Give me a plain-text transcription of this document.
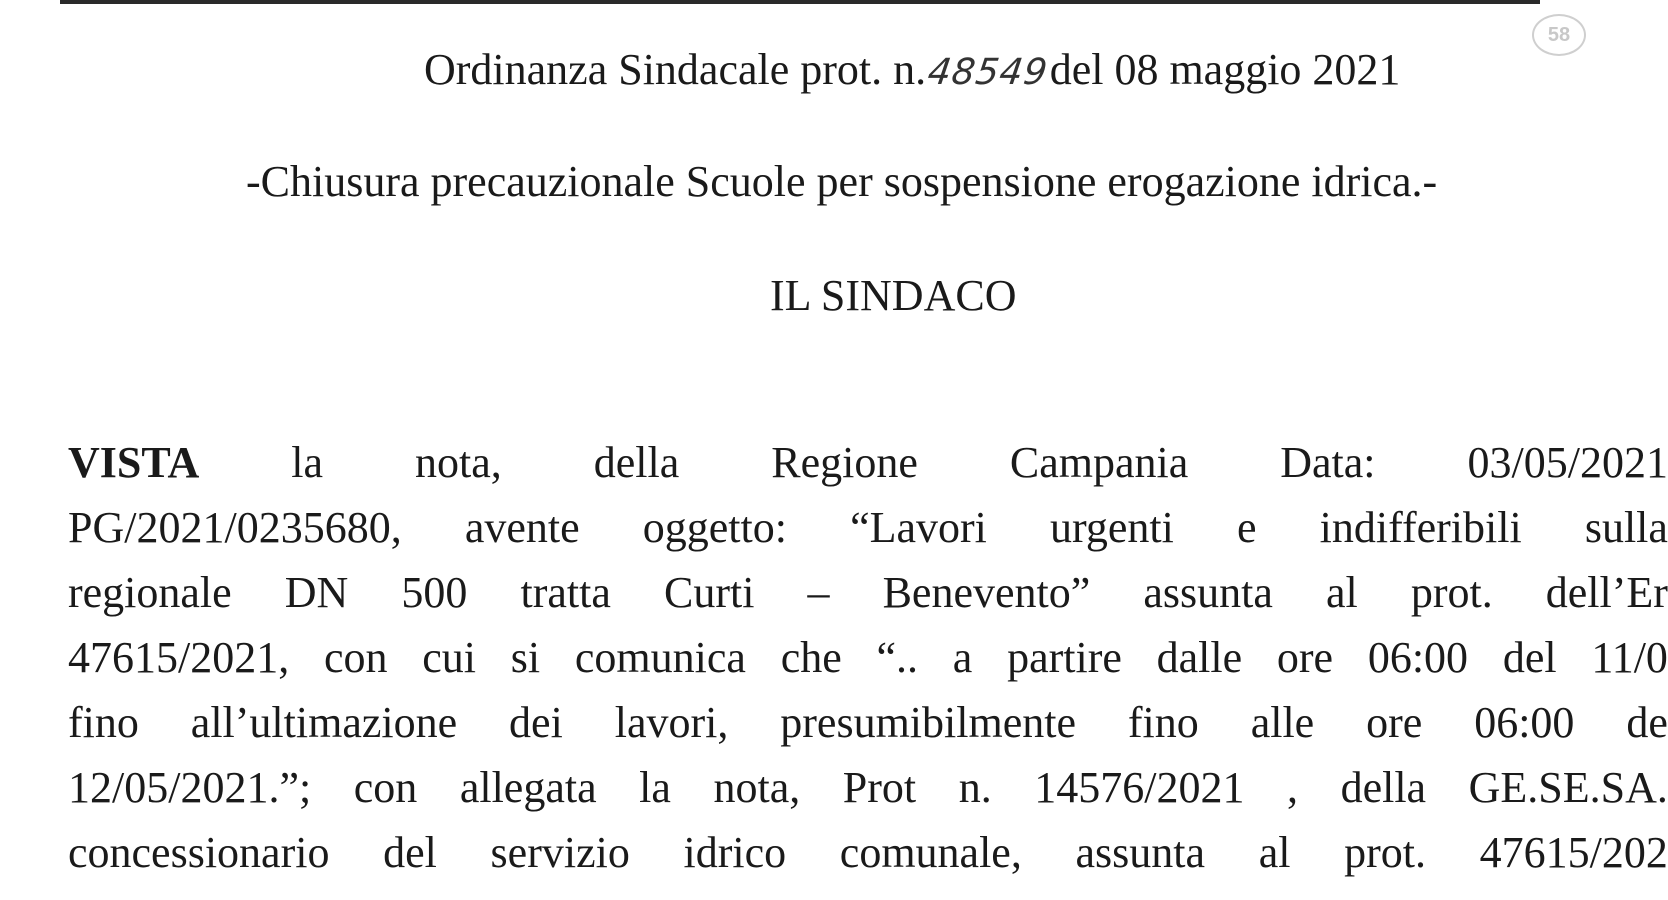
58
Ordinanza Sindacale prot. n.48549del 08 maggio 2021
-Chiusura precauzionale Scuole per sospensione erogazione idrica.-
IL SINDACO
VISTA la nota, della Regione Campania Data: 03/05/2021
PG/2021/0235680, avente oggetto: “Lavori urgenti e indifferibili sulla
regionale DN 500 tratta Curti – Benevento” assunta al prot. dell’Er
47615/2021, con cui si comunica che “.. a partire dalle ore 06:00 del 11/0
fino all’ultimazione dei lavori, presumibilmente fino alle ore 06:00 de
12/05/2021.”; con allegata la nota, Prot n. 14576/2021 , della GE.SE.SA.
concessionario del servizio idrico comunale, assunta al prot. 47615/202
